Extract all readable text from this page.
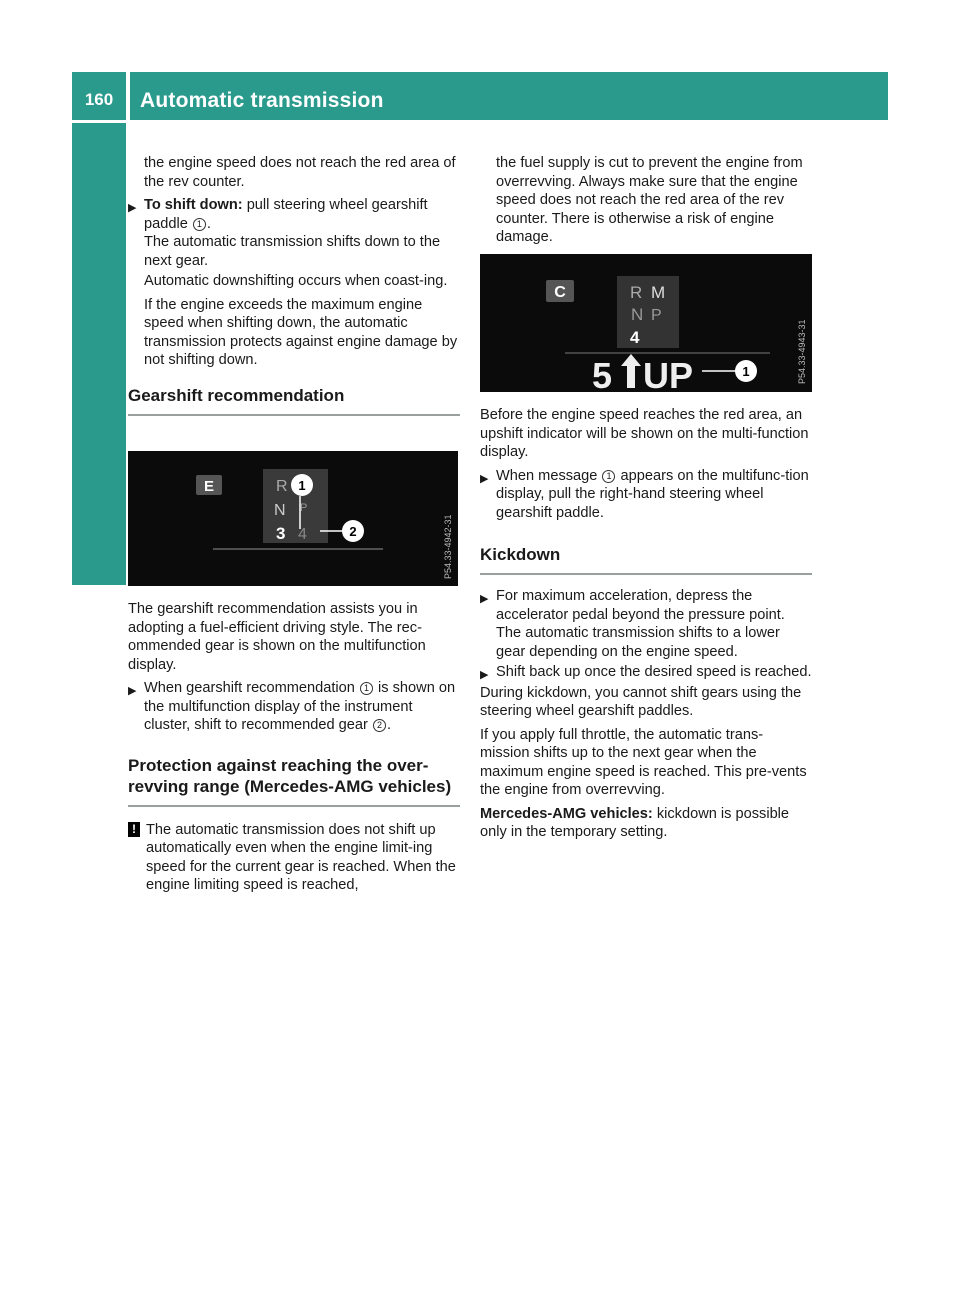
160	Automatic transmission
Driving and parking

the engine speed does not reach the red area of the rev counter.

▶ To shift down: pull steering wheel gearshift paddle 1 .
The automatic transmission shifts down to the next gear.

Automatic downshifting occurs when coast-ing.

If the engine exceeds the maximum engine speed when shifting down, the automatic transmission protects against engine damage by not shifting down.

Gearshift recommendation
E	R
N
3 4
P
1
2	P54.33-4942-31

The gearshift recommendation assists you in adopting a fuel-efficient driving style. The rec-ommended gear is shown on the multifunction display.

▶ When gearshift recommendation 1 is shown on the multifunction display of the instrument cluster, shift to recommended gear 2 .
Protection against reaching the over-
revving range (Mercedes-AMG vehicles)
! The automatic transmission does not shift up automatically even when the engine limit-ing speed for the current gear is reached. When the engine limiting speed is reached,

the fuel supply is cut to prevent the engine from overrevving. Always make sure that the engine speed does not reach the red area of the rev counter. There is otherwise a risk of engine damage.

C	R M
N P
4
5 UP	1	P54.33-4943-31

Before the engine speed reaches the red area, an upshift indicator will be shown on the multi-function display.

▶ When message 1 appears on the multifunc-tion display, pull the right-hand steering wheel gearshift paddle.
Kickdown
▶ For maximum acceleration, depress the accelerator pedal beyond the pressure point. The automatic transmission shifts to a lower gear depending on the engine speed.
▶ Shift back up once the desired speed is reached.

During kickdown, you cannot shift gears using the steering wheel gearshift paddles.

If you apply full throttle, the automatic trans-mission shifts up to the next gear when the maximum engine speed is reached. This pre-vents the engine from overrevving.

Mercedes-AMG vehicles: kickdown is possible only in the temporary setting.
